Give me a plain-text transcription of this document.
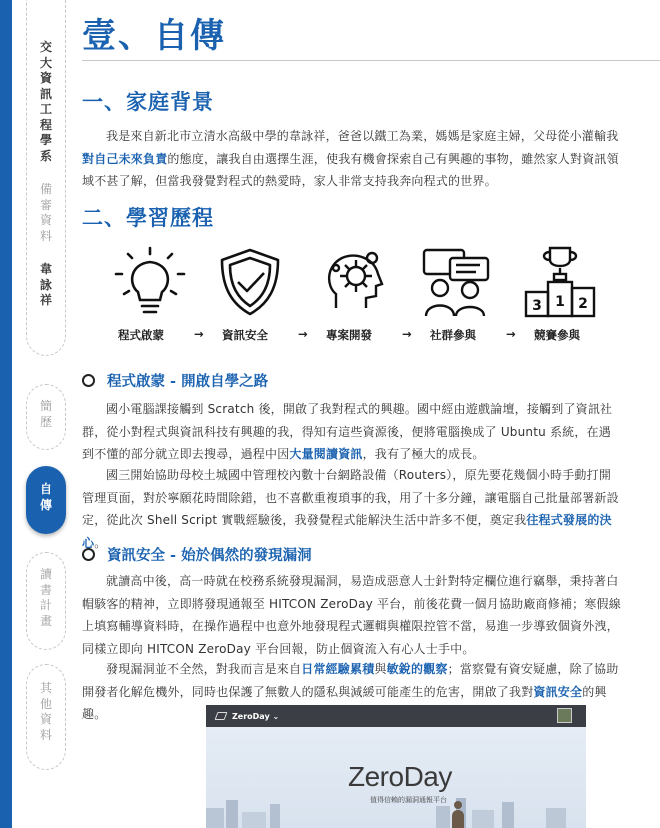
交
大
資
訊
工
程
學
系
備
審
資
料
韋
詠
祥
簡
歷
自
傳
讀
書
計
畫
其
他
資
料
壹、自傳
一、家庭背景

我是來自新北市立清水高級中學的韋詠祥，爸爸以鐵工為業，媽媽是家庭主婦，父母從小灌輸我對自己未來負責的態度，讓我自由選擇生涯，使我有機會探索自己有興趣的事物，雖然家人對資訊領域不甚了解，但當我發覺對程式的熱愛時，家人非常支持我奔向程式的世界。

二、學習歷程
3 1 2
程式啟蒙	→ 資訊安全	→ 專案開發	→ 社群參與	→ 競賽參與
程式啟蒙 - 開啟自學之路

國小電腦課接觸到 Scratch 後，開啟了我對程式的興趣。國中經由遊戲論壇，接觸到了資訊社群，從小對程式與資訊科技有興趣的我，得知有這些資源後，便將電腦換成了 Ubuntu 系統，在遇到不懂的部分就立即去搜尋，過程中因大量閱讀資訊，我有了極大的成長。

國三開始協助母校土城國中管理校內數十台網路設備（Routers），原先要花幾個小時手動打開管理頁面，對於寧願花時間除錯，也不喜歡重複瑣事的我，用了十多分鐘，讓電腦自己批量部署新設定，從此次 Shell Script 實戰經驗後，我發覺程式能解決生活中許多不便，奠定我往程式發展的決心。

資訊安全 - 始於偶然的發現漏洞

就讀高中後，高一時就在校務系統發現漏洞，易造成惡意人士針對特定欄位進行竊舉，秉持著白帽駭客的精神，立即將發現通報至 HITCON ZeroDay 平台，前後花費一個月協助廠商修補；寒假線上填寫輔導資料時，在操作過程中也意外地發現程式邏輯與權限控管不當，易進一步導致個資外洩，同樣立即向 HITCON ZeroDay 平台回報，防止個資流入有心人士手中。

發現漏洞並不全然，對我而言是來自日常經驗累積與敏銳的觀察；當察覺有資安疑慮，除了協助開發者化解危機外，同時也保護了無數人的隱私與減緩可能產生的危害，開啟了我對資訊安全的興趣。	ZeroDay ⌄
ZeroDay
值得信賴的漏洞通報平台
